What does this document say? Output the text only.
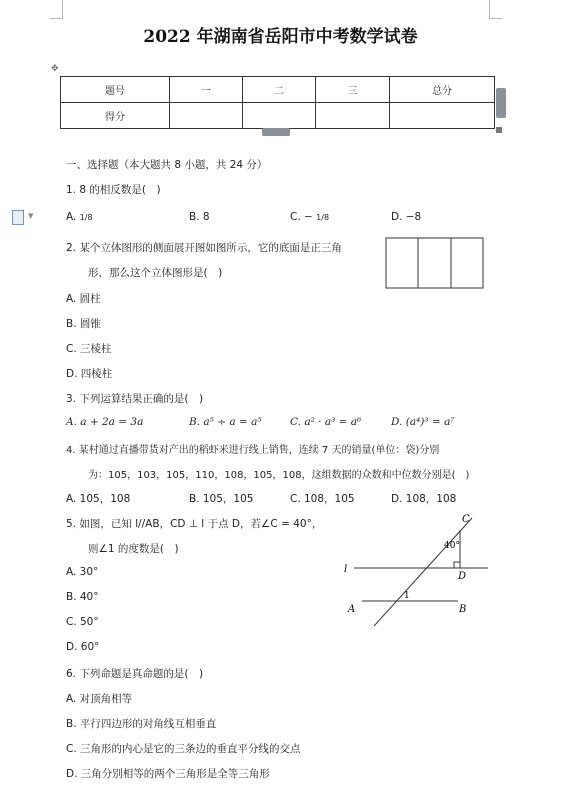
2022 年湖南省岳阳市中考数学试卷
✥
题号	一	二	三	总分
得分				
▼
一、选择题（本大题共 8 小题，共 24 分）
1. 8 的相反数是(　)
A. 1/8	B. 8	C. − 1/8	D. −8
2. 某个立体图形的侧面展开图如图所示，它的底面是正三角
形，那么这个立体图形是(　)
A. 圆柱
B. 圆锥
C. 三棱柱
D. 四棱柱
3. 下列运算结果正确的是(　)
A. a + 2a = 3a	B. a⁵ ÷ a = a⁵	C. a² · a³ = a⁶	D. (a⁴)³ = a⁷
4. 某村通过直播带货对产出的稻虾米进行线上销售，连续 7 天的销量(单位：袋)分别
为：105，103，105，110，108，105，108，这组数据的众数和中位数分别是(　)
A. 105，108	B. 105，105	C. 108，105	D. 108，108
5. 如图，已知 l//AB，CD ⊥ l 于点 D，若∠C = 40°，
则∠1 的度数是(　)
A. 30°
B. 40°
C. 50°
D. 60°
C
40°
l
D
A
1
B
6. 下列命题是真命题的是(　)
A. 对顶角相等
B. 平行四边形的对角线互相垂直
C. 三角形的内心是它的三条边的垂直平分线的交点
D. 三角分别相等的两个三角形是全等三角形
